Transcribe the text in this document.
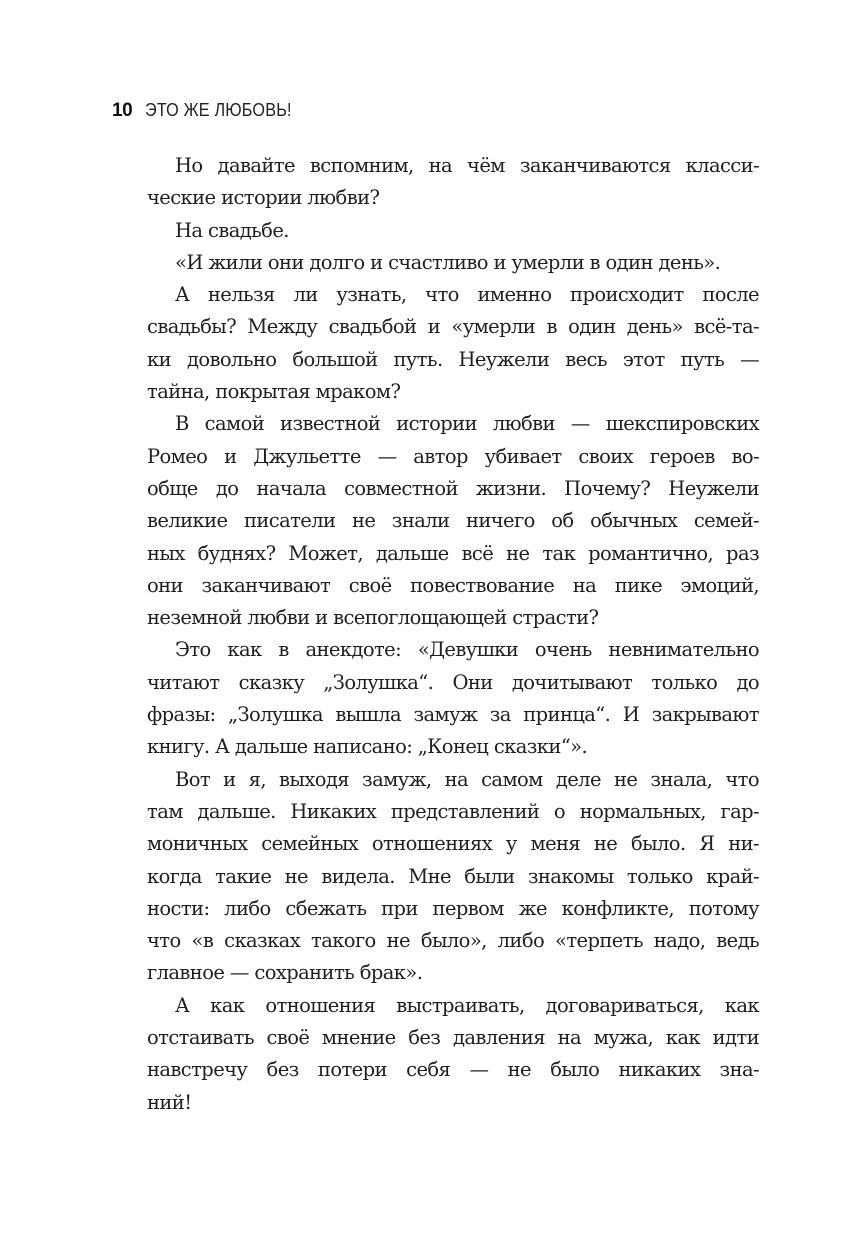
10 ЭТО ЖЕ ЛЮБОВЬ!
Но давайте вспомним, на чём заканчиваются класси-
ческие истории любви?
На свадьбе.
«И жили они долго и счастливо и умерли в один день».
А нельзя ли узнать, что именно происходит после
свадьбы? Между свадьбой и «умерли в один день» всё-та-
ки довольно большой путь. Неужели весь этот путь —
тайна, покрытая мраком?
В самой известной истории любви — шекспировских
Ромео и Джульетте — автор убивает своих героев во-
обще до начала совместной жизни. Почему? Неужели
великие писатели не знали ничего об обычных семей-
ных буднях? Может, дальше всё не так романтично, раз
они заканчивают своё повествование на пике эмоций,
неземной любви и всепоглощающей страсти?
Это как в анекдоте: «Девушки очень невнимательно
читают сказку „Золушка“. Они дочитывают только до
фразы: „Золушка вышла замуж за принца“. И закрывают
книгу. А дальше написано: „Конец сказки“».
Вот и я, выходя замуж, на самом деле не знала, что
там дальше. Никаких представлений о нормальных, гар-
моничных семейных отношениях у меня не было. Я ни-
когда такие не видела. Мне были знакомы только край-
ности: либо сбежать при первом же конфликте, потому
что «в сказках такого не было», либо «терпеть надо, ведь
главное — сохранить брак».
А как отношения выстраивать, договариваться, как
отстаивать своё мнение без давления на мужа, как идти
навстречу без потери себя — не было никаких зна-
ний!
